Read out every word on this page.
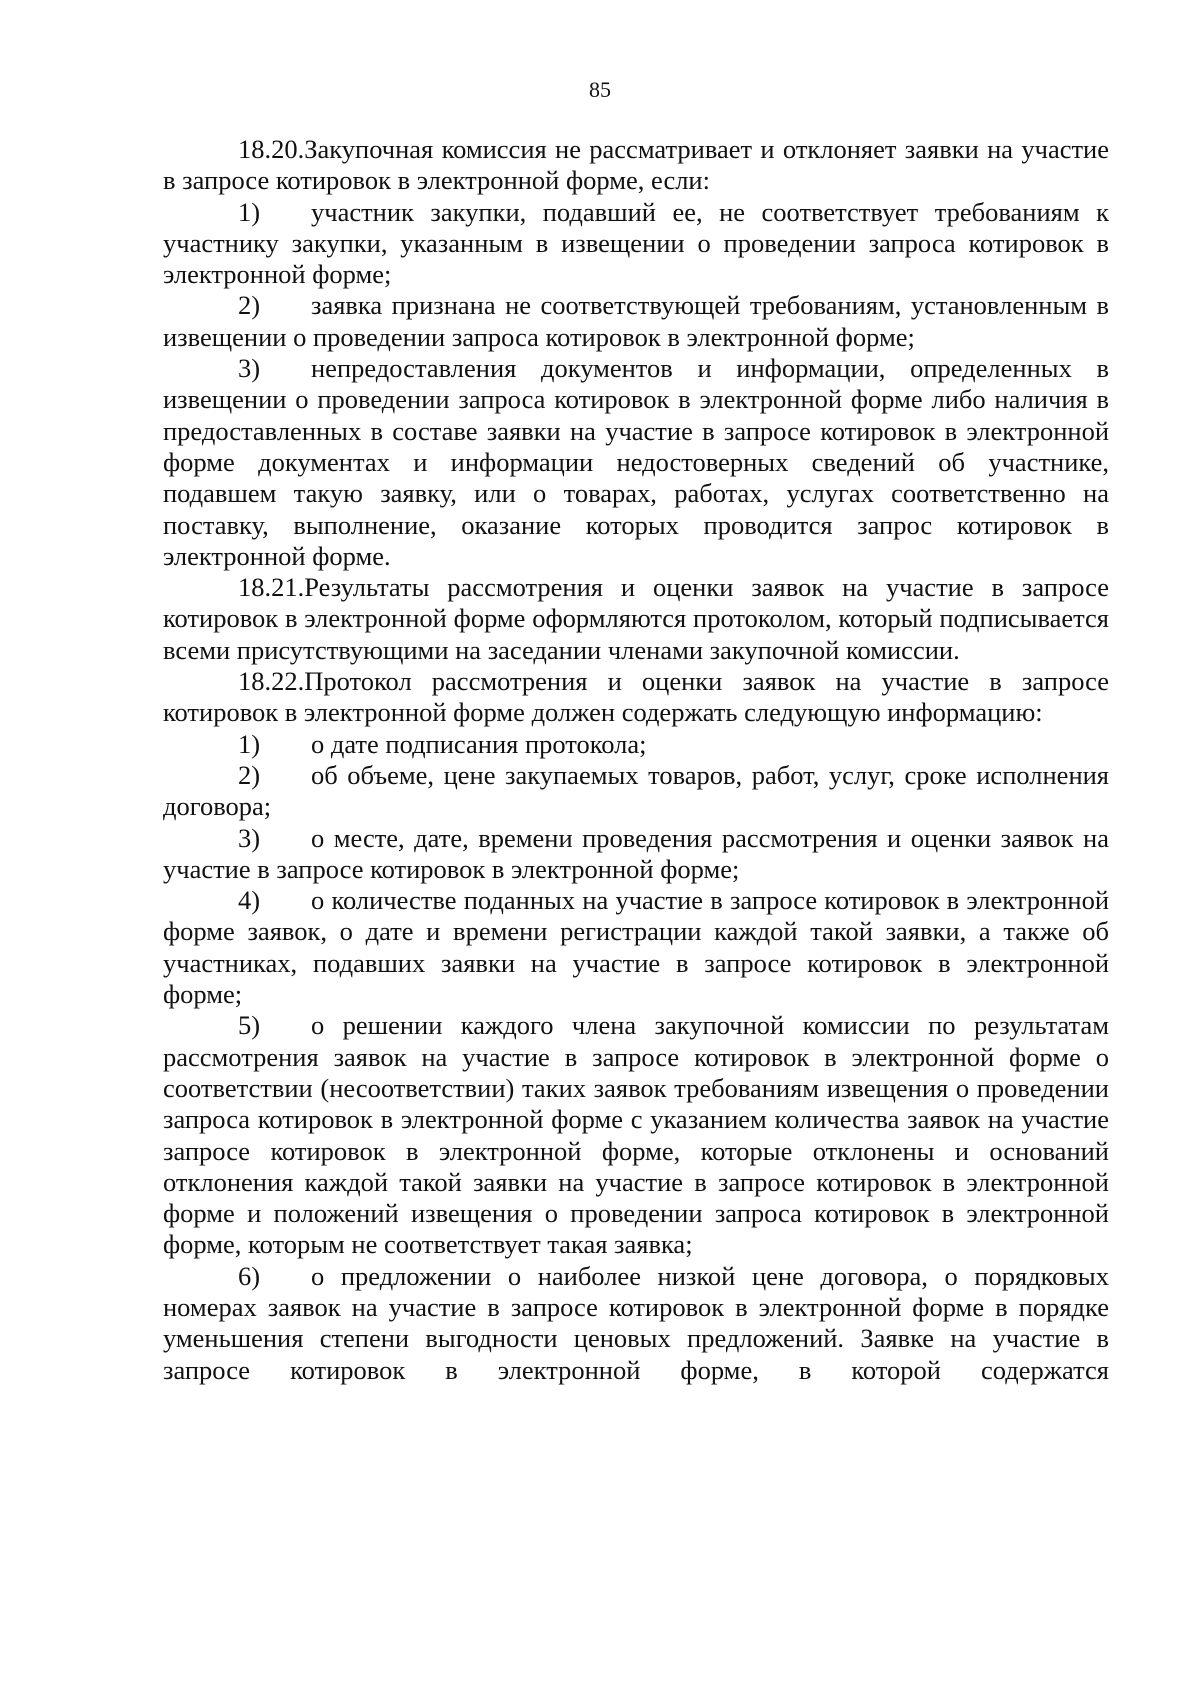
85

18.20.Закупочная комиссия не рассматривает и отклоняет заявки на участие в запросе котировок в электронной форме, если:

1) участник закупки, подавший ее, не соответствует требованиям к участнику закупки, указанным в извещении о проведении запроса котировок в электронной форме;

2) заявка признана не соответствующей требованиям, установленным в извещении о проведении запроса котировок в электронной форме;

3) непредоставления документов и информации, определенных в извещении о проведении запроса котировок в электронной форме либо наличия в предоставленных в составе заявки на участие в запросе котировок в электронной форме документах и информации недостоверных сведений об участнике, подавшем такую заявку, или о товарах, работах, услугах соответственно на поставку, выполнение, оказание которых проводится запрос котировок в электронной форме.

18.21.Результаты рассмотрения и оценки заявок на участие в запросе котировок в электронной форме оформляются протоколом, который подписывается всеми присутствующими на заседании членами закупочной комиссии.

18.22.Протокол рассмотрения и оценки заявок на участие в запросе котировок в электронной форме должен содержать следующую информацию:

1) о дате подписания протокола;

2) об объеме, цене закупаемых товаров, работ, услуг, сроке исполнения договора;

3) о месте, дате, времени проведения рассмотрения и оценки заявок на участие в запросе котировок в электронной форме;

4) о количестве поданных на участие в запросе котировок в электронной форме заявок, о дате и времени регистрации каждой такой заявки, а также об участниках, подавших заявки на участие в запросе котировок в электронной форме;

5) о решении каждого члена закупочной комиссии по результатам рассмотрения заявок на участие в запросе котировок в электронной форме о соответствии (несоответствии) таких заявок требованиям извещения о проведении запроса котировок в электронной форме с указанием количества заявок на участие запросе котировок в электронной форме, которые отклонены и оснований отклонения каждой такой заявки на участие в запросе котировок в электронной форме и положений извещения о проведении запроса котировок в электронной форме, которым не соответствует такая заявка;

6) о предложении о наиболее низкой цене договора, о порядковых номерах заявок на участие в запросе котировок в электронной форме в порядке уменьшения степени выгодности ценовых предложений. Заявке на участие в запросе котировок в электронной форме, в которой содержатся
